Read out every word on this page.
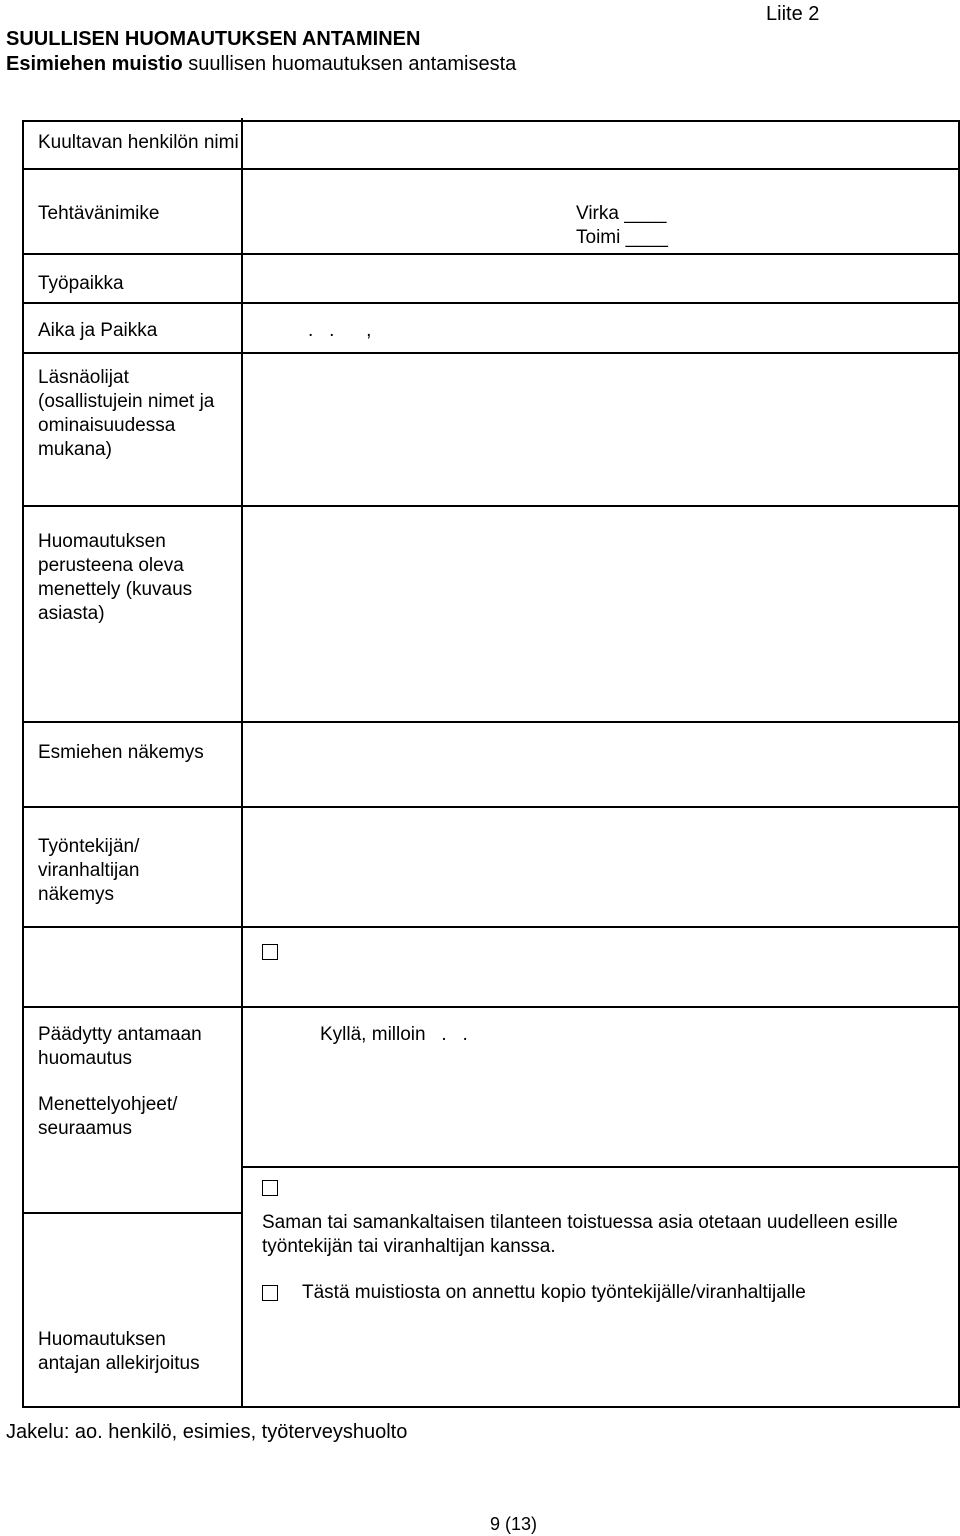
Liite 2
SUULLISEN HUOMAUTUKSEN ANTAMINEN
Esimiehen muistio suullisen huomautuksen antamisesta
Kuultavan henkilön nimi
Tehtävänimike	Virka ____
Toimi ____
Työpaikka
Aika ja Paikka	.   .      ,
Läsnäolijat (osallistujein nimet ja ominaisuudessa mukana)
Huomautuksen perusteena oleva menettely (kuvaus asiasta)
Esmiehen näkemys
Työntekijän/ viranhaltijan näkemys
Päädytty antamaan huomautus
Kyllä, milloin   .   .
Menettelyohjeet/ seuraamus
Saman tai samankaltaisen tilanteen toistuessa asia otetaan uudelleen esille työntekijän tai viranhaltijan kanssa.
Tästä muistiosta on annettu kopio työntekijälle/viranhaltijalle
Huomautuksen antajan allekirjoitus
Jakelu: ao. henkilö, esimies, työterveyshuolto
9 (13)
